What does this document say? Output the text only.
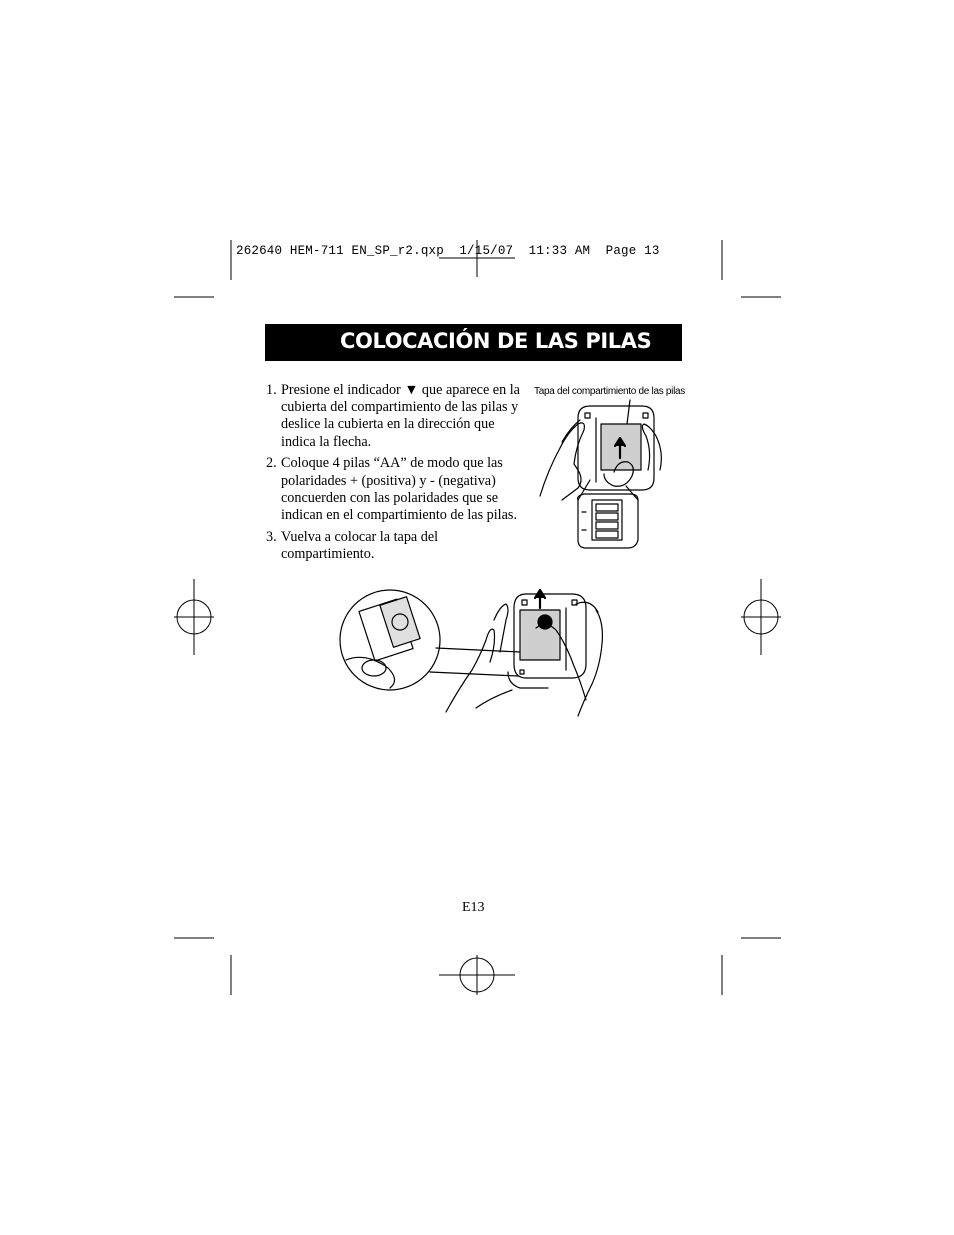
262640 HEM-711 EN_SP_r2.qxp  1/15/07  11:33 AM  Page 13
COLOCACIÓN DE LAS PILAS
1. Presione el indicador ▼ que aparece en la cubierta del compartimiento de las pilas y deslice la cubierta en la dirección que indica la flecha.
2. Coloque 4 pilas “AA” de modo que las polaridades + (positiva) y - (negativa) concuerden con las polaridades que se indican en el compartimiento de las pilas.
3. Vuelva a colocar la tapa del compartimiento.
Tapa del compartimiento de las pilas
E13
